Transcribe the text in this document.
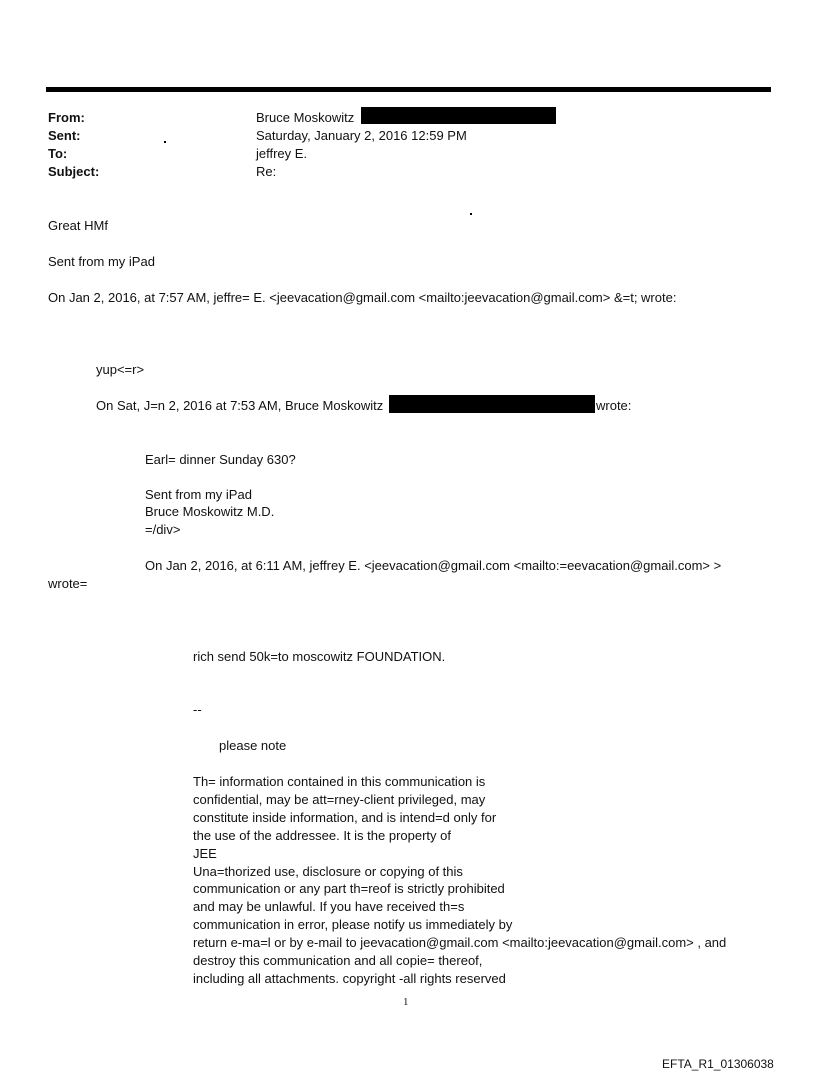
From:	Bruce Moskowitz
Sent:	Saturday, January 2, 2016 12:59 PM
To:	jeffrey E.
Subject:	Re:
Great HMf
Sent from my iPad
On Jan 2, 2016, at 7:57 AM, jeffre= E. <jeevacation@gmail.com <mailto:jeevacation@gmail.com> &=t; wrote:
yup<=r>
On Sat, J=n 2, 2016 at 7:53 AM, Bruce Moskowitz	wrote:
Earl= dinner Sunday 630?
Sent from my iPad
Bruce Moskowitz M.D.
=/div>
On Jan 2, 2016, at 6:11 AM, jeffrey E. <jeevacation@gmail.com <mailto:=eevacation@gmail.com> >
wrote=
rich send 50k=to moscowitz FOUNDATION.
--
please note
Th= information contained in this communication is
confidential, may be att=rney-client privileged, may
constitute inside information, and is intend=d only for
the use of the addressee. It is the property of
JEE
Una=thorized use, disclosure or copying of this
communication or any part th=reof is strictly prohibited
and may be unlawful. If you have received th=s
communication in error, please notify us immediately by
return e-ma=l or by e-mail to jeevacation@gmail.com <mailto:jeevacation@gmail.com> , and
destroy this communication and all copie= thereof,
including all attachments. copyright -all rights reserved
1
EFTA_R1_01306038
